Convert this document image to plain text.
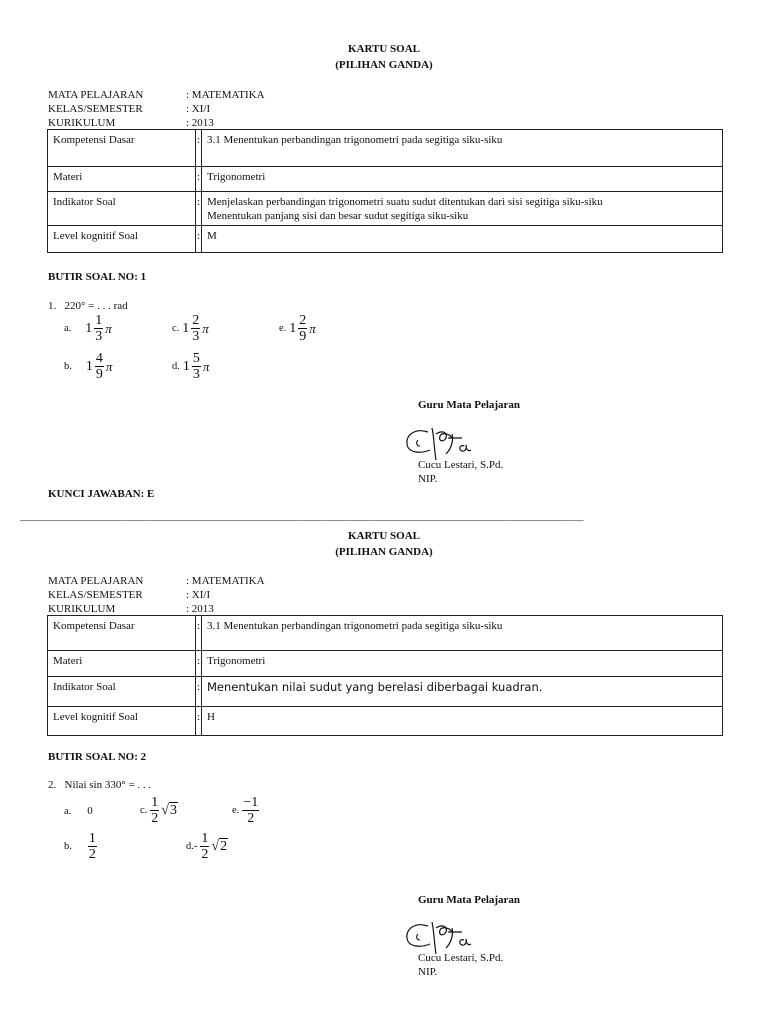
KARTU SOAL
(PILIHAN GANDA)
MATA PELAJARAN	: MATEMATIKA
KELAS/SEMESTER	: XI/I
KURIKULUM	: 2013
Kompetensi Dasar	:	3.1 Menentukan perbandingan trigonometri pada segitiga siku-siku
Materi	:	Trigonometri
Indikator Soal	:	Menjelaskan perbandingan trigonometri suatu sudut ditentukan dari sisi segitiga siku-siku
Menentukan panjang sisi dan besar sudut segitiga siku-siku

Level kognitif Soal	:	M
BUTIR SOAL NO: 1
1.   220° = . . . rad
a. $1 \frac{1}{3}$ π	c. $1 \frac{2}{3}$ π	e. $1 \frac{2}{9}$ π
b. $1 \frac{4}{9}$ π	d. $1 \frac{5}{3}$ π
Guru Mata Pelajaran
Cucu Lestari, S.Pd.
NIP.
KUNCI JAWABAN: E
________________________________________________________________________
KARTU SOAL
(PILIHAN GANDA)
MATA PELAJARAN	: MATEMATIKA
KELAS/SEMESTER	: XI/I
KURIKULUM	: 2013
Kompetensi Dasar	:	3.1 Menentukan perbandingan trigonometri pada segitiga siku-siku
Materi	:	Trigonometri
Indikator Soal	:	Menentukan nilai sudut yang berelasi diberbagai kuadran.
Level kognitif Soal	:	H
BUTIR SOAL NO: 2
2.   Nilai sin 330° = . . .
a. 0	c. $\frac{1}{2} √3$	e. $\frac{-1}{2}$
b. $\frac{1}{2}$	$d.- \frac{1}{2} √2$
Guru Mata Pelajaran
Cucu Lestari, S.Pd.
NIP.
